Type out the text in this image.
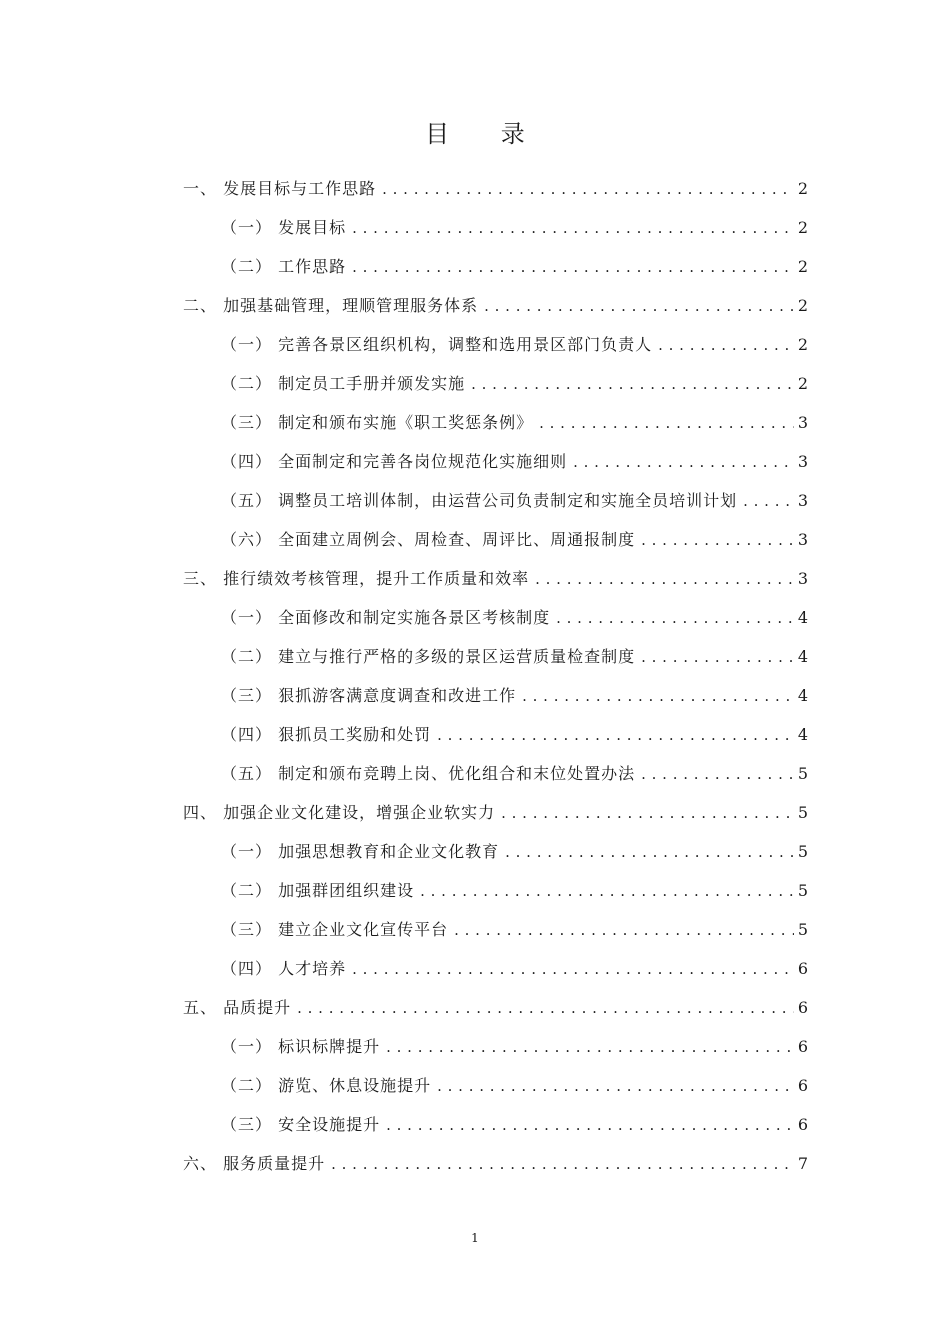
目 录
一、 发展目标与工作思路 . . .	2
（一） 发展目标 . . .	2
（二） 工作思路 . . .	2
二、 加强基础管理，理顺管理服务体系 . . .	2
（一） 完善各景区组织机构，调整和选用景区部门负责人 . . .	2
（二） 制定员工手册并颁发实施 . . .	2
（三） 制定和颁布实施《职工奖惩条例》 . . .	3
（四） 全面制定和完善各岗位规范化实施细则 . . .	3
（五） 调整员工培训体制，由运营公司负责制定和实施全员培训计划 . . .	3
（六） 全面建立周例会、周检查、周评比、周通报制度 . . .	3
三、 推行绩效考核管理，提升工作质量和效率 . . .	3
（一） 全面修改和制定实施各景区考核制度 . . .	4
（二） 建立与推行严格的多级的景区运营质量检查制度 . . .	4
（三） 狠抓游客满意度调查和改进工作 . . .	4
（四） 狠抓员工奖励和处罚 . . .	4
（五） 制定和颁布竞聘上岗、优化组合和末位处置办法 . . .	5
四、 加强企业文化建设，增强企业软实力 . . .	5
（一） 加强思想教育和企业文化教育 . . .	5
（二） 加强群团组织建设 . . .	5
（三） 建立企业文化宣传平台 . . .	5
（四） 人才培养 . . .	6
五、 品质提升 . . .	6
（一） 标识标牌提升 . . .	6
（二） 游览、休息设施提升 . . .	6
（三） 安全设施提升 . . .	6
六、 服务质量提升 . . .	7
1
